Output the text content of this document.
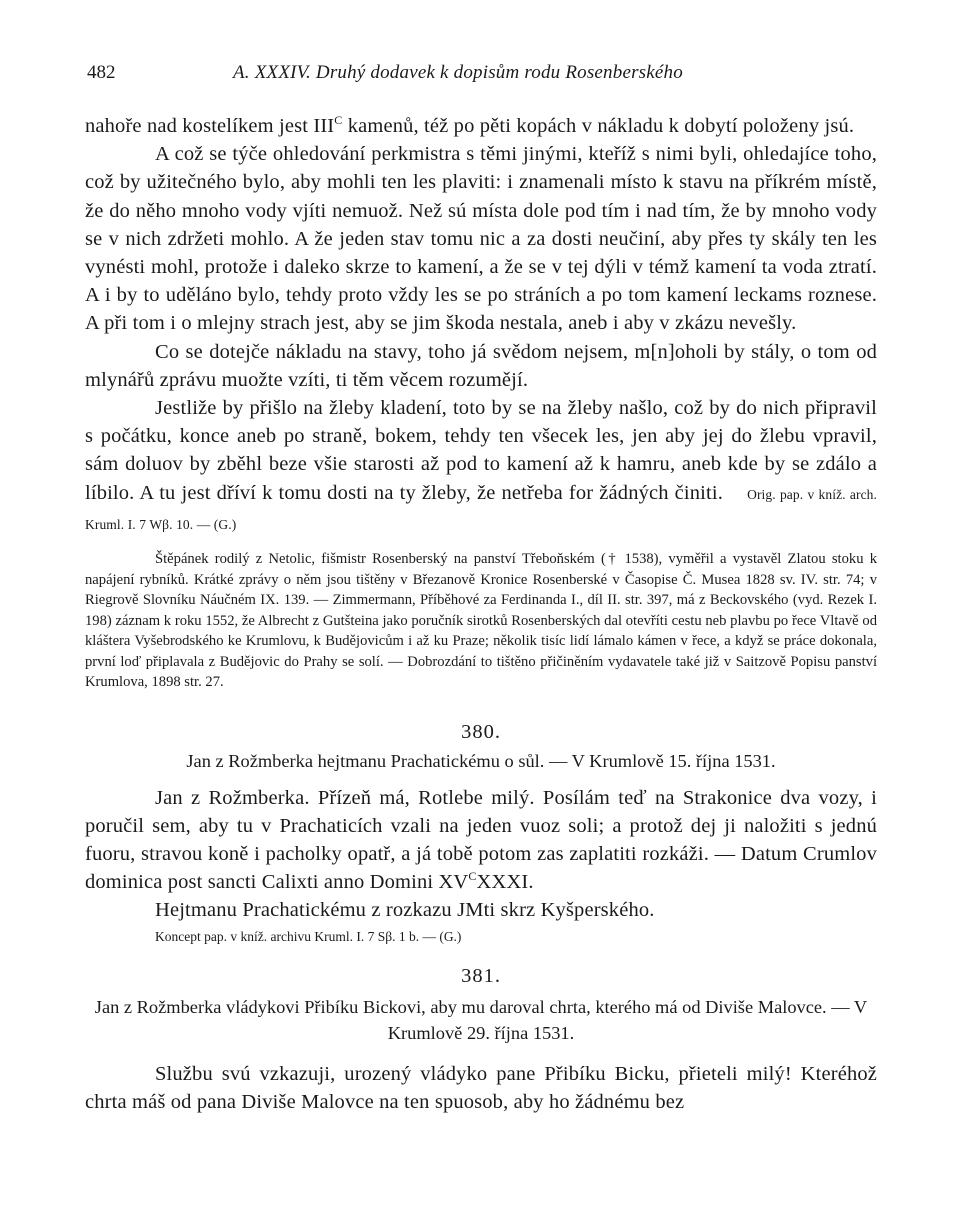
482	A. XXXIV. Druhý dodavek k dopisům rodu Rosenberského

nahoře nad kostelíkem jest $III^C$ kamenů, též po pěti kopách v nákladu k dobytí položeny jsú.

A což se týče ohledování perkmistra s těmi jinými, kteříž s nimi byli, ohledajíce toho, což by užitečného bylo, aby mohli ten les plaviti: i znamenali místo k stavu na příkrém místě, že do něho mnoho vody vjíti nemuož. Než sú místa dole pod tím i nad tím, že by mnoho vody se v nich zdržeti mohlo. A že jeden stav tomu nic a za dosti neučiní, aby přes ty skály ten les vynésti mohl, protože i daleko skrze to kamení, a že se v tej dýli v témž kamení ta voda ztratí. A i by to uděláno bylo, tehdy proto vždy les se po stráních a po tom kamení leckams roznese. A při tom i o mlejny strach jest, aby se jim škoda nestala, aneb i aby v zkázu nevešly.

Co se dotejče nákladu na stavy, toho já svědom nejsem, m[n]oholi by stály, o tom od mlynářů zprávu muožte vzíti, ti těm věcem rozumějí.

Jestliže by přišlo na žleby kladení, toto by se na žleby našlo, což by do nich připravil s počátku, konce aneb po straně, bokem, tehdy ten všecek les, jen aby jej do žlebu vpravil, sám doluov by zběhl beze všie starosti až pod to kamení až k hamru, aneb kde by se zdálo a líbilo. A tu jest dříví k tomu dosti na ty žleby, že netřeba for žádných činiti. Orig. pap. v kníž. arch. Kruml. I. 7 Wβ. 10. — (G.)

Štěpánek rodilý z Netolic, fišmistr Rosenberský na panství Třeboňském († 1538), vyměřil a vystavěl Zlatou stoku k napájení rybníků. Krátké zprávy o něm jsou tištěny v Březanově Kronice Rosenberské v Časopise Č. Musea 1828 sv. IV. str. 74; v Riegrově Slovníku Náučném IX. 139. — Zimmermann, Příběhové za Ferdinanda I., díl II. str. 397, má z Beckovského (vyd. Rezek I. 198) záznam k roku 1552, že Albrecht z Gutšteina jako poručník sirotků Rosenberských dal otevříti cestu neb plavbu po řece Vltavě od kláštera Vyšebrodského ke Krumlovu, k Budějovicům i až ku Praze; několik tisíc lidí lámalo kámen v řece, a když se práce dokonala, první loď připlavala z Budějovic do Prahy se solí. — Dobrozdání to tištěno přičiněním vydavatele také již v Saitzově Popisu panství Krumlova, 1898 str. 27.

380.

Jan z Rožmberka hejtmanu Prachatickému o sůl. — V Krumlově 15. října 1531.

Jan z Rožmberka. Přízeň má, Rotlebe milý. Posílám teď na Strakonice dva vozy, i poručil sem, aby tu v Prachaticích vzali na jeden vuoz soli; a protož dej ji naložiti s jednú fuoru, stravou koně i pacholky opatř, a já tobě potom zas zaplatiti rozkáži. — Datum Crumlov dominica post sancti Calixti anno Domini $XV^CXXXI$.

Hejtmanu Prachatickému z rozkazu JMti skrz Kyšperského.

Koncept pap. v kníž. archivu Kruml. I. 7 Sβ. 1 b. — (G.)

381.

Jan z Rožmberka vládykovi Přibíku Bickovi, aby mu daroval chrta, kterého má od Diviše Malovce. — V Krumlově 29. října 1531.

Službu svú vzkazuji, urozený vládyko pane Přibíku Bicku, přieteli milý! Kteréhož chrta máš od pana Diviše Malovce na ten spuosob, aby ho žádnému bez
